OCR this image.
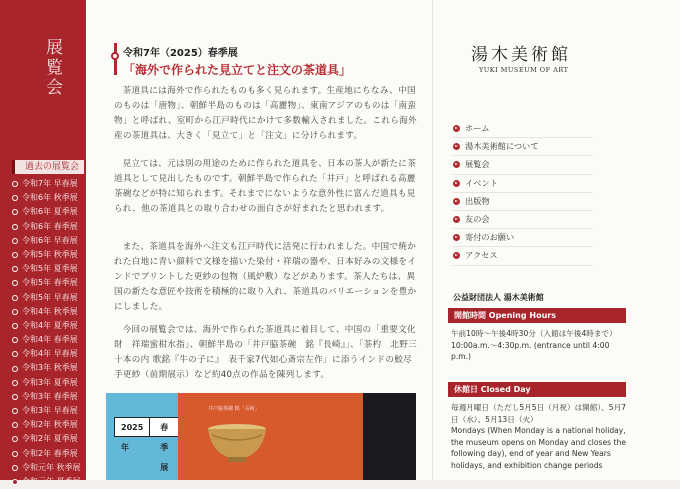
展覧会
過去の展覧会
令和7年 早春展
令和6年 秋季展
令和6年 夏季展
令和6年 春季展
令和6年 早春展
令和5年 秋季展
令和5年 夏季展
令和5年 春季展
令和5年 早春展
令和4年 秋季展
令和4年 夏季展
令和4年 春季展
令和4年 早春展
令和3年 秋季展
令和3年 夏季展
令和3年 春季展
令和3年 早春展
令和2年 秋季展
令和2年 夏季展
令和2年 春季展
令和元年 秋季展
令和元年 夏季展
令和7年（2025）春季展
「海外で作られた見立てと注文の茶道具」

茶道具には海外で作られたものも多く見られます。生産地にちなみ、中国のものは「唐物」、朝鮮半島のものは「高麗物」、東南アジアのものは「南蛮物」と呼ばれ、室町から江戸時代にかけて多数輸入されました。これら海外産の茶道具は、大きく「見立て」と「注文」に分けられます。

見立ては、元は別の用途のために作られた道具を、日本の茶人が新たに茶道具として見出したものです。朝鮮半島で作られた「井戸」と呼ばれる高麗茶碗などが特に知られます。それまでにないような意外性に富んだ道具も見られ、他の茶道具との取り合わせの面白さが好まれたと思われます。

また、茶道具を海外へ注文も江戸時代に活発に行われました。中国で焼かれた白地に青い顔料で文様を描いた染付・祥瑞の器や、日本好みの文様をインドでプリントした更紗の包物（風炉敷）などがあります。茶人たちは、異国の新たな意匠や技術を積極的に取り入れ、茶道具のバリエーションを豊かにしました。

今回の展覧会では、海外で作られた茶道具に着目して、中国の「重要文化財　祥瑞蜜柑水指」、朝鮮半島の「井戸脇茶碗　銘『長崎』」、「茶杓　北野三十本の内 歌銘『牛の子に』　表千家7代如心斎宗左作」に添うインドの鮫尽手更紗（前期展示）など約40点の作品を陳列します。

2025年
春季展
井戸脇茶碗 銘「長崎」
湯木美術館
YUKI MUSEUM OF ART
ホーム
湯木美術館について
展覧会
イベント
出版物
友の会
寄付のお願い
アクセス
公益財団法人 湯木美術館
開館時間 Opening Hours
午前10時〜午後4時30分（入館は午後4時まで）
10:00a.m.〜4:30p.m. (entrance until 4:00 p.m.)
休館日 Closed Day
毎週月曜日（ただし5月5日（月祝）は開館）、5月7日（水）、5月13日（火）
Mondays (When Monday is a national holiday, the museum opens on Monday and closes the following day), end of year and New Years holidays, and exhibition change periods
